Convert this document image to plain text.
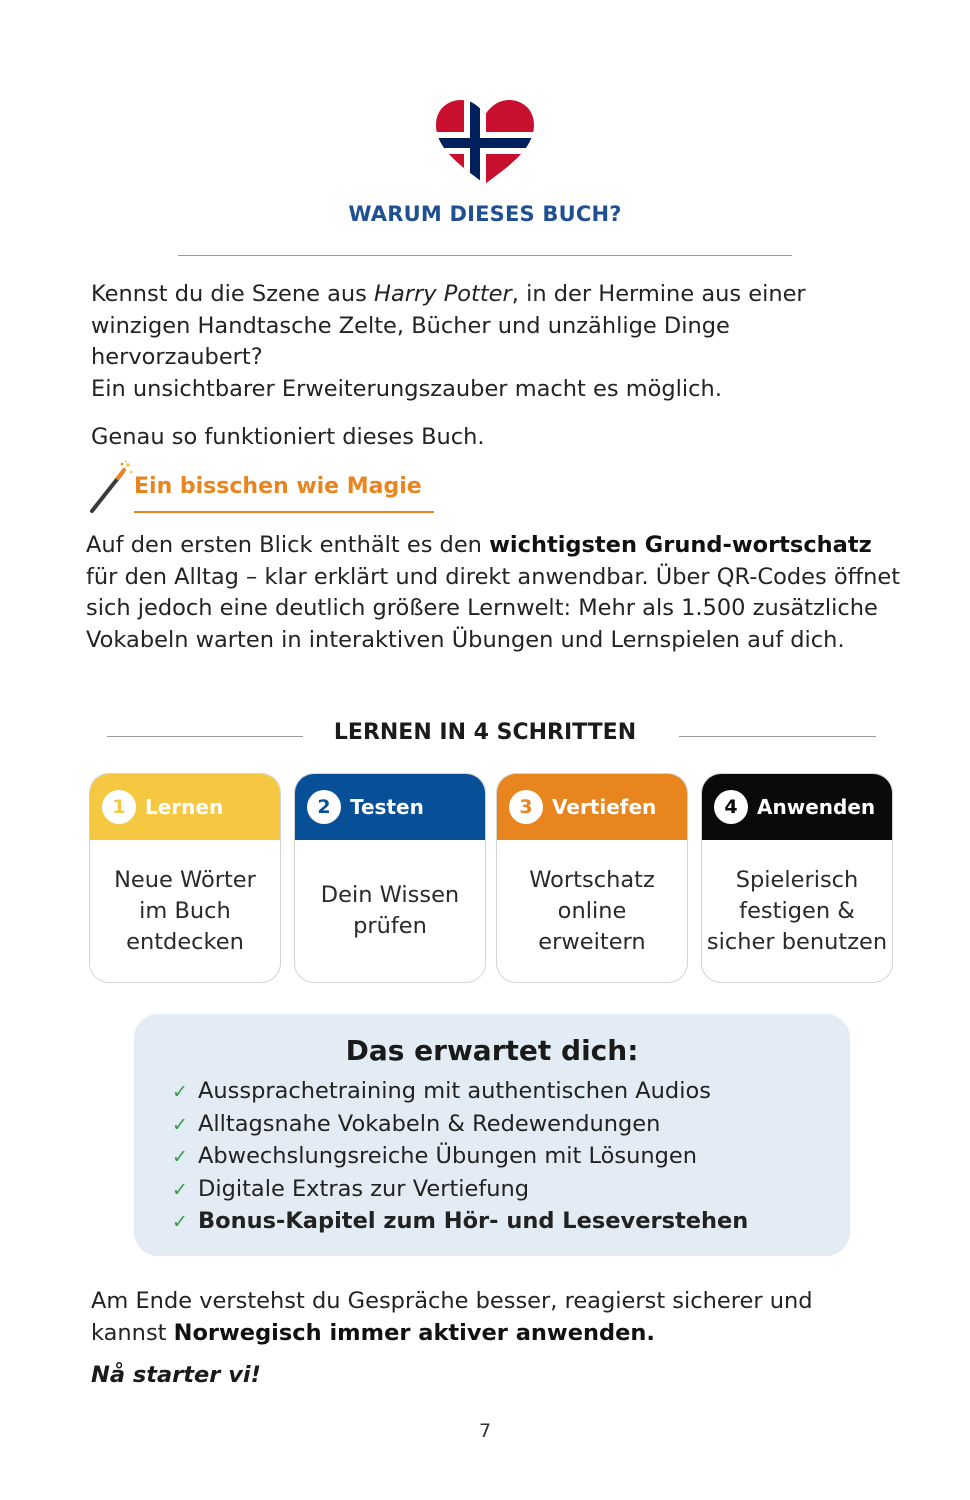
WARUM DIESES BUCH?
Kennst du die Szene aus Harry Potter, in der Hermine aus einer winzigen Handtasche Zelte, Bücher und unzählige Dinge hervorzaubert?
Ein unsichtbarer Erweiterungszauber macht es möglich.
Genau so funktioniert dieses Buch.
Ein bisschen wie Magie
Auf den ersten Blick enthält es den wichtigsten Grund-wortschatz für den Alltag – klar erklärt und direkt anwendbar. Über QR-Codes öffnet sich jedoch eine deutlich größere Lernwelt: Mehr als 1.500 zusätzliche Vokabeln warten in interaktiven Übungen und Lernspielen auf dich.
LERNEN IN 4 SCHRITTEN
1 Lernen
Neue Wörter
im Buch
entdecken
2 Testen
Dein Wissen
prüfen
3 Vertiefen
Wortschatz
online
erweitern
4 Anwenden
Spielerisch
festigen &
sicher benutzen
Das erwartet dich:
✓ Aussprachetraining mit authentischen Audios
✓ Alltagsnahe Vokabeln & Redewendungen
✓ Abwechslungsreiche Übungen mit Lösungen
✓ Digitale Extras zur Vertiefung
✓ Bonus-Kapitel zum Hör- und Leseverstehen
Am Ende verstehst du Gespräche besser, reagierst sicherer und kannst Norwegisch immer aktiver anwenden.
Nå starter vi!
7
